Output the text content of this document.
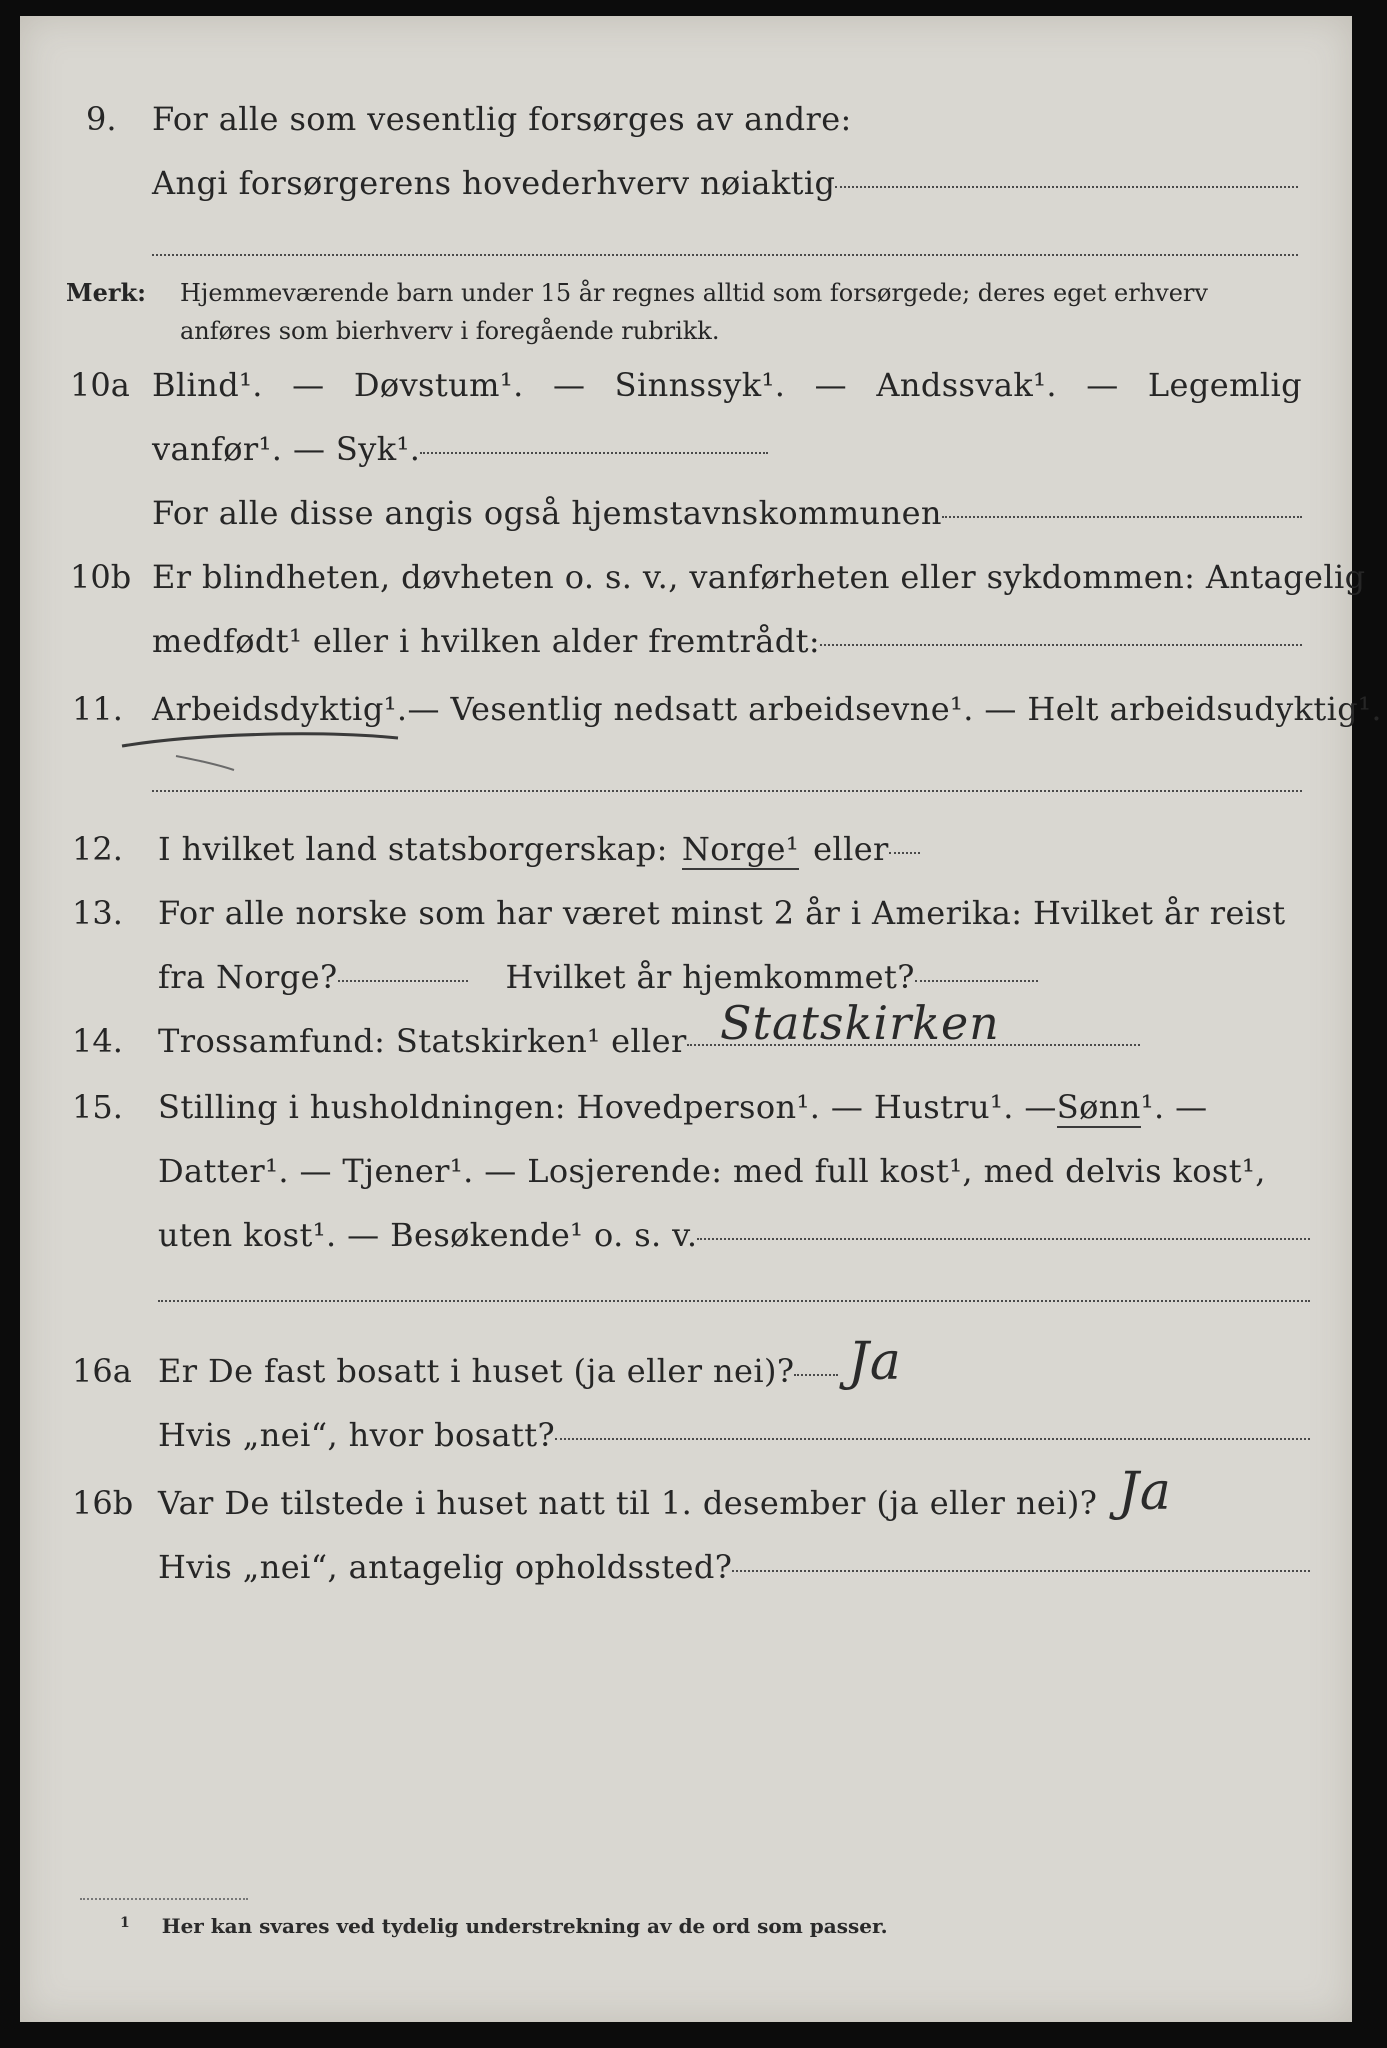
9. For alle som vesentlig forsørges av andre:
Angi forsørgerens hovederhverv nøiaktig
Merk: Hjemmeværende barn under 15 år regnes alltid som forsørgede; deres eget erhverv
anføres som bierhverv i foregående rubrikk.
10a Blind¹. — Døvstum¹. — Sinnssyk¹. — Andssvak¹. — Legemlig
vanfør¹. — Syk¹.
For alle disse angis også hjemstavnskommunen
10b Er blindheten, døvheten o. s. v., vanførheten eller sykdommen: Antagelig
medfødt¹ eller i hvilken alder fremtrådt:
11. Arbeidsdyktig¹. — Vesentlig nedsatt arbeidsevne¹. — Helt arbeidsudyktig¹.
12. I hvilket land statsborgerskap: Norge¹ eller
13. For alle norske som har været minst 2 år i Amerika: Hvilket år reist
fra Norge?	Hvilket år hjemkommet?
14. Trossamfund: Statskirken¹ eller Statskirken
15. Stilling i husholdningen: Hovedperson¹. — Hustru¹. — Sønn ¹. —
Datter¹. — Tjener¹. — Losjerende: med full kost¹, med delvis kost¹,
uten kost¹. — Besøkende¹ o. s. v.
16a Er De fast bosatt i huset (ja eller nei)? Ja
Hvis „nei“, hvor bosatt?
16b Var De tilstede i huset natt til 1. desember (ja eller nei)? Ja
Hvis „nei“, antagelig opholdssted?
$^1$ Her kan svares ved tydelig understrekning av de ord som passer.
